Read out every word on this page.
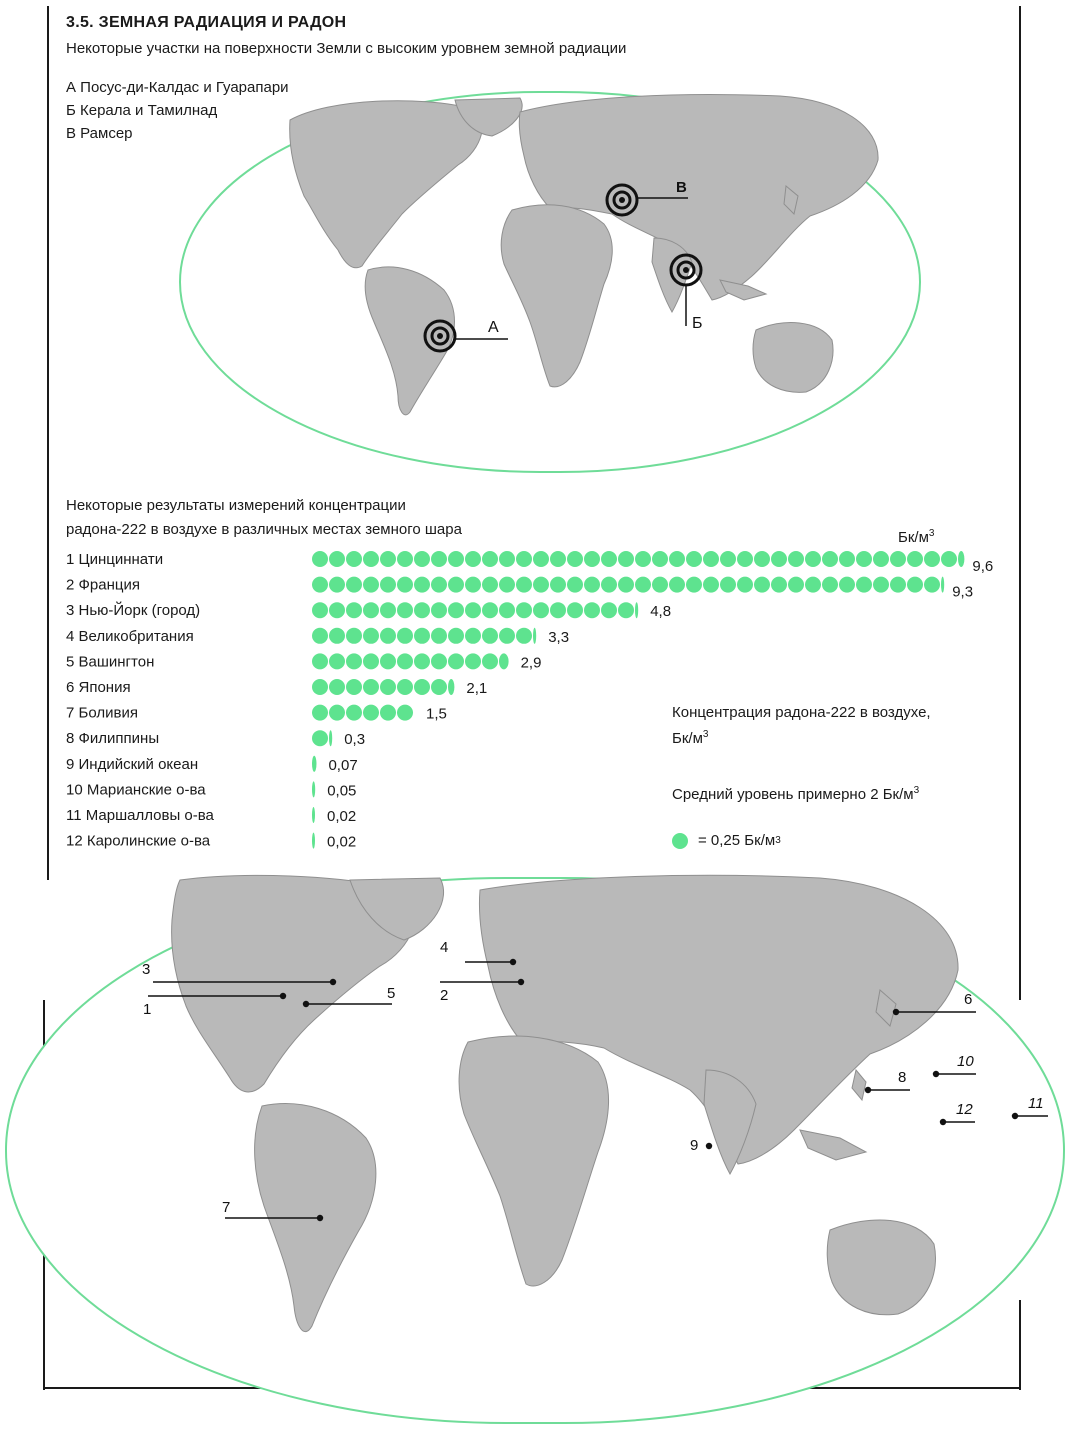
А	Б
В
3.5. ЗЕМНАЯ РАДИАЦИЯ И РАДОН
Некоторые участки на поверхности Земли с высоким уровнем земной радиации
А Посус-ди-Калдас и Гуарапари
Б Керала и Тамилнад
В Рамсер
Некоторые результаты измерений концентрации
радона-222 в воздухе в различных местах земного шара	$Бк/м^3$
1 Цинциннати	9,6
2 Франция	9,3
3 Нью-Йорк (город)	4,8
4 Великобритания	3,3
5 Вашингтон	2,9
6 Япония	2,1
7 Боливия	1,5
8 Филиппины	0,3
9 Индийский океан	0,07
10 Марианские о-ва	0,05
11 Маршалловы о-ва	0,02
12 Каролинские о-ва	0,02
Концентрация радона-222 в воздухе,
$Бк/м^3$
Средний уровень примерно 2 $Бк/м^3$
= 0,25 Бк/м 3
1
2
3
4
5	6
7
8
9
10
11
12
